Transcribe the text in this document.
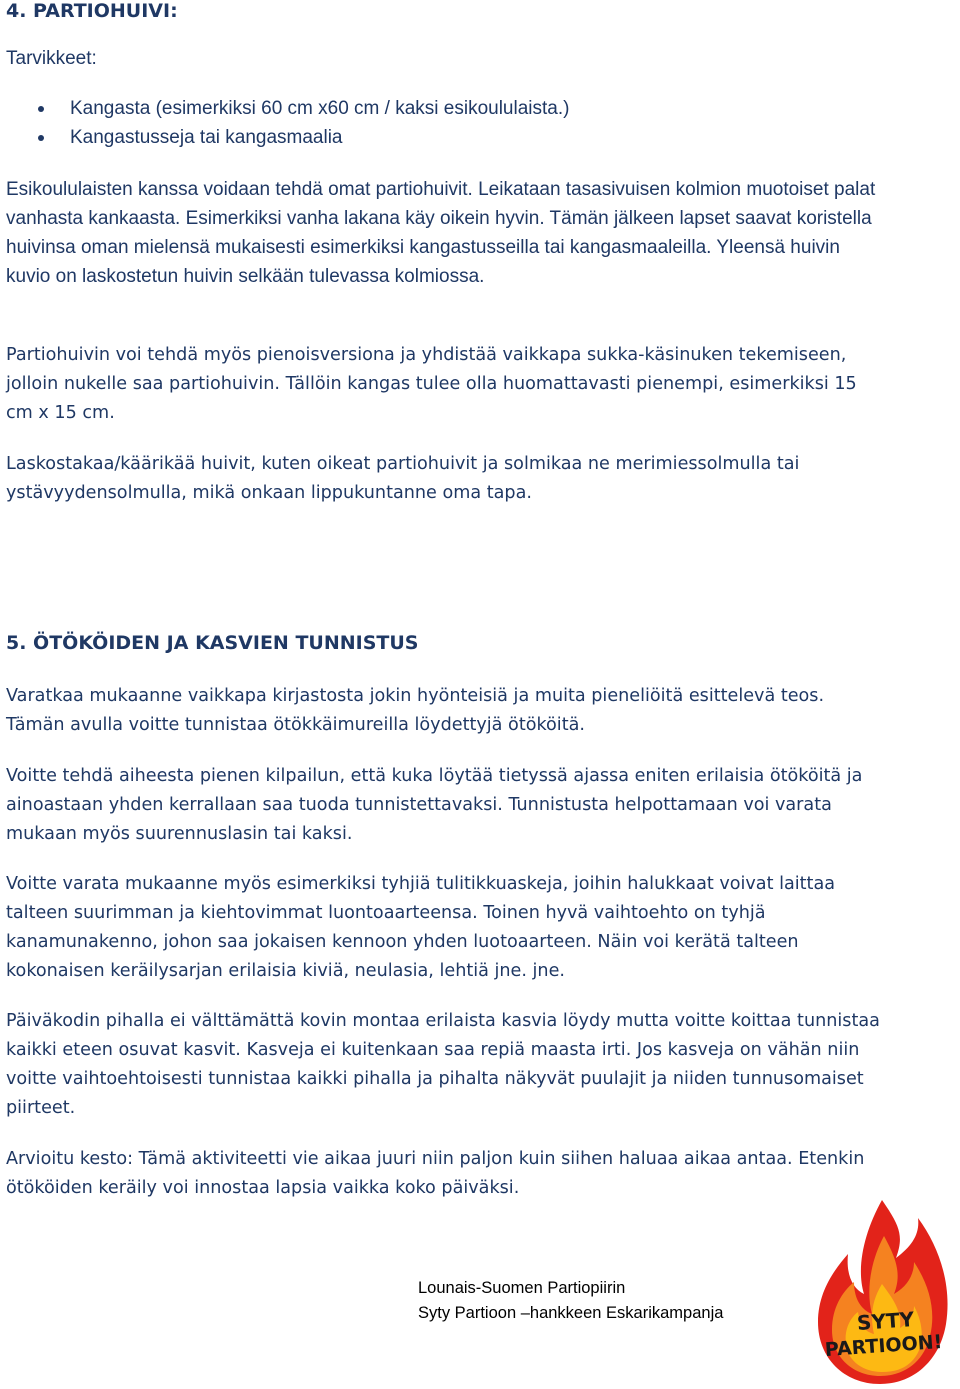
4. PARTIOHUIVI:
Tarvikkeet:
Kangasta (esimerkiksi 60 cm x60 cm / kaksi esikoululaista.)
Kangastusseja tai kangasmaalia

Esikoululaisten kanssa voidaan tehdä omat partiohuivit. Leikataan tasasivuisen kolmion muotoiset palat vanhasta kankaasta. Esimerkiksi vanha lakana käy oikein hyvin. Tämän jälkeen lapset saavat koristella huivinsa oman mielensä mukaisesti esimerkiksi kangastusseilla tai kangasmaaleilla. Yleensä huivin kuvio on laskostetun huivin selkään tulevassa kolmiossa.

Partiohuivin voi tehdä myös pienoisversiona ja yhdistää vaikkapa sukka-käsinuken tekemiseen, jolloin nukelle saa partiohuivin. Tällöin kangas tulee olla huomattavasti pienempi, esimerkiksi 15 cm x 15 cm.

Laskostakaa/käärikää huivit, kuten oikeat partiohuivit ja solmikaa ne merimiessolmulla tai ystävyydensolmulla, mikä onkaan lippukuntanne oma tapa.

5. ÖTÖKÖIDEN JA KASVIEN TUNNISTUS

Varatkaa mukaanne vaikkapa kirjastosta jokin hyönteisiä ja muita pieneliöitä esittelevä teos. Tämän avulla voitte tunnistaa ötökkäimureilla löydettyjä ötököitä.

Voitte tehdä aiheesta pienen kilpailun, että kuka löytää tietyssä ajassa eniten erilaisia ötököitä ja ainoastaan yhden kerrallaan saa tuoda tunnistettavaksi. Tunnistusta helpottamaan voi varata mukaan myös suurennuslasin tai kaksi.

Voitte varata mukaanne myös esimerkiksi tyhjiä tulitikkuaskeja, joihin halukkaat voivat laittaa talteen suurimman ja kiehtovimmat luontoaarteensa. Toinen hyvä vaihtoehto on tyhjä kanamunakenno, johon saa jokaisen kennoon yhden luotoaarteen. Näin voi kerätä talteen kokonaisen keräilysarjan erilaisia kiviä, neulasia, lehtiä jne. jne.

Päiväkodin pihalla ei välttämättä kovin montaa erilaista kasvia löydy mutta voitte koittaa tunnistaa kaikki eteen osuvat kasvit. Kasveja ei kuitenkaan saa repiä maasta irti. Jos kasveja on vähän niin voitte vaihtoehtoisesti tunnistaa kaikki pihalla ja pihalta näkyvät puulajit ja niiden tunnusomaiset piirteet.

Arvioitu kesto: Tämä aktiviteetti vie aikaa juuri niin paljon kuin siihen haluaa aikaa antaa. Etenkin ötököiden keräily voi innostaa lapsia vaikka koko päiväksi.

Lounais-Suomen Partiopiirin
Syty Partioon –hankkeen Eskarikampanja	SYTY
PARTIOON!
